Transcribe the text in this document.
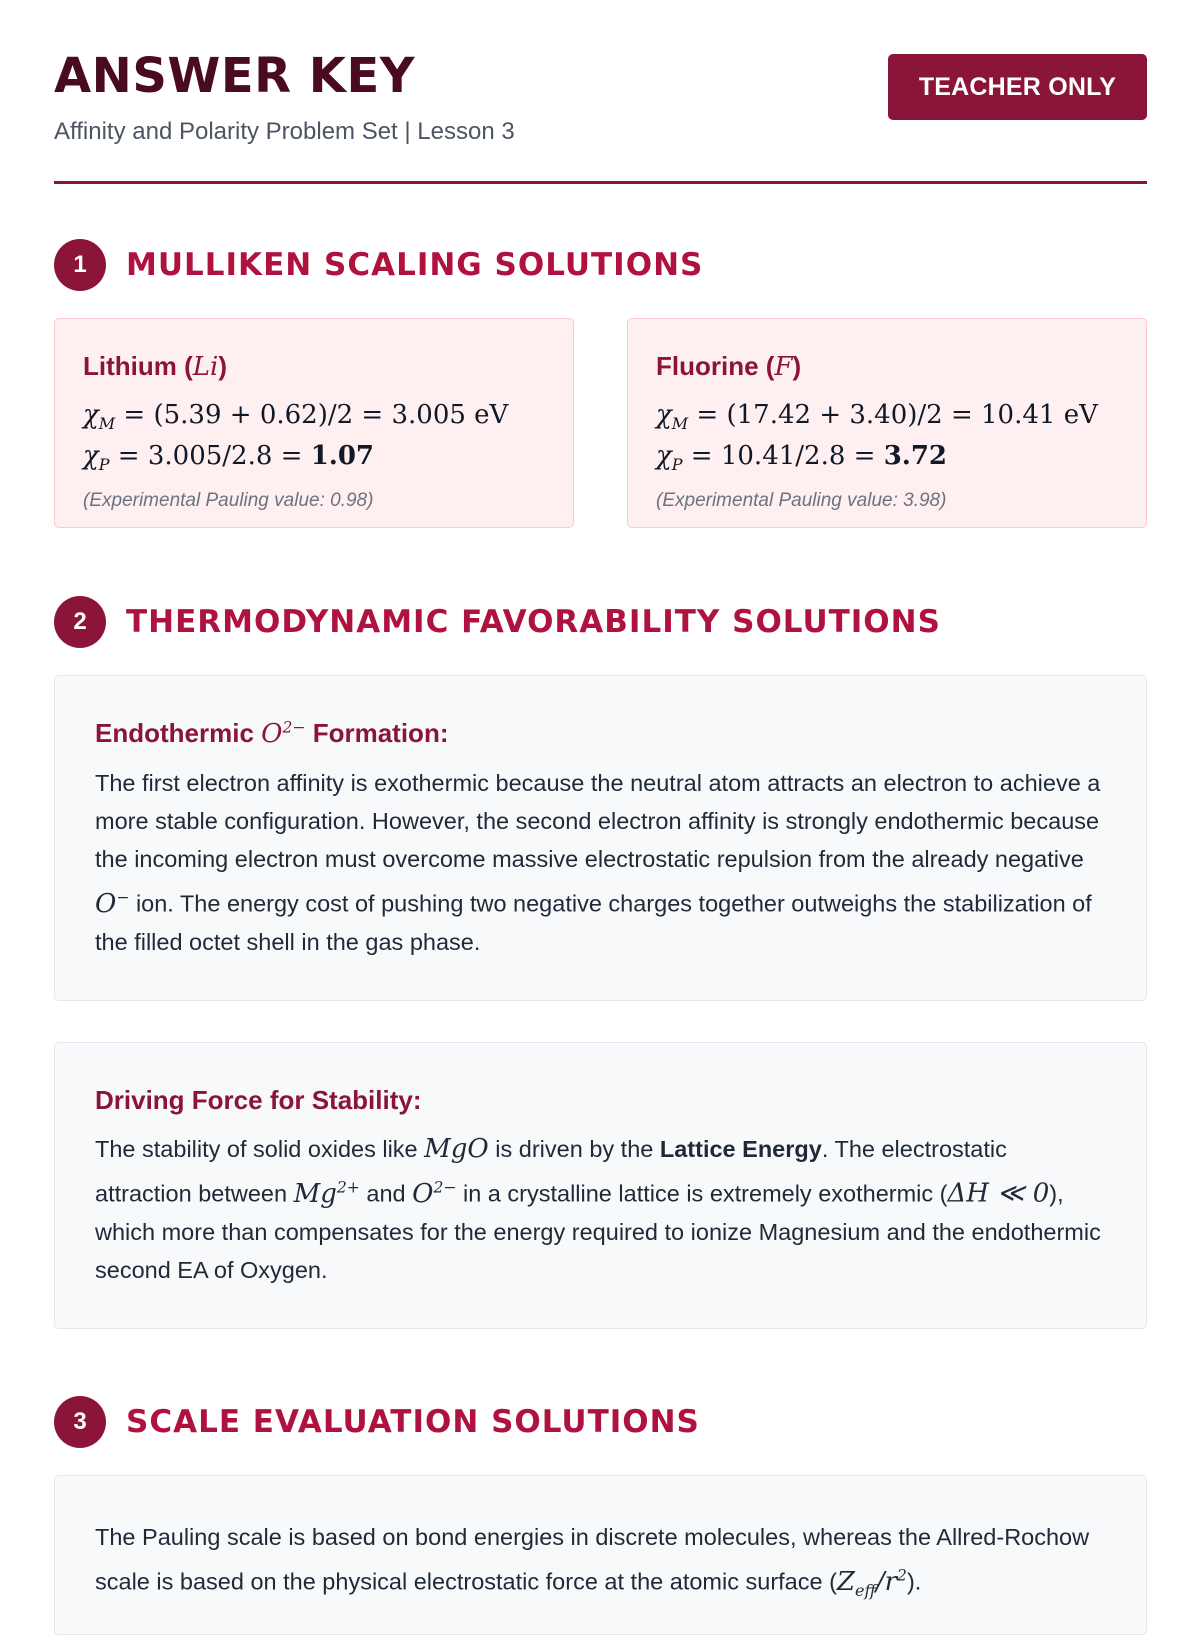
ANSWER KEY
Affinity and Polarity Problem Set | Lesson 3
TEACHER ONLY
1	MULLIKEN SCALING SOLUTIONS
Lithium (Li)
$\chi_M = (5.39 + 0.62)/2 = 3.005$ eV
$\chi_P = 3.005/2.8 = 1.07$
(Experimental Pauling value: 0.98)
Fluorine (F)
$\chi_M = (17.42 + 3.40)/2 = 10.41$ eV
$\chi_P = 10.41/2.8 = 3.72$
(Experimental Pauling value: 3.98)
2	THERMODYNAMIC FAVORABILITY SOLUTIONS
Endothermic $O^{2-}$ Formation:

The first electron affinity is exothermic because the neutral atom attracts an electron to achieve a more stable configuration. However, the second electron affinity is strongly endothermic because the incoming electron must overcome massive electrostatic repulsion from the already negative O− ion. The energy cost of pushing two negative charges together outweighs the stabilization of the filled octet shell in the gas phase.

Driving Force for Stability:

The stability of solid oxides like MgO is driven by the Lattice Energy. The electrostatic attraction between $Mg^{2+}$ and $O^{2-}$ in a crystalline lattice is extremely exothermic (ΔH ≪ 0), which more than compensates for the energy required to ionize Magnesium and the endothermic second EA of Oxygen.

3	SCALE EVALUATION SOLUTIONS

The Pauling scale is based on bond energies in discrete molecules, whereas the Allred-Rochow scale is based on the physical electrostatic force at the atomic surface $(Z_{eff}/r^2)$.
